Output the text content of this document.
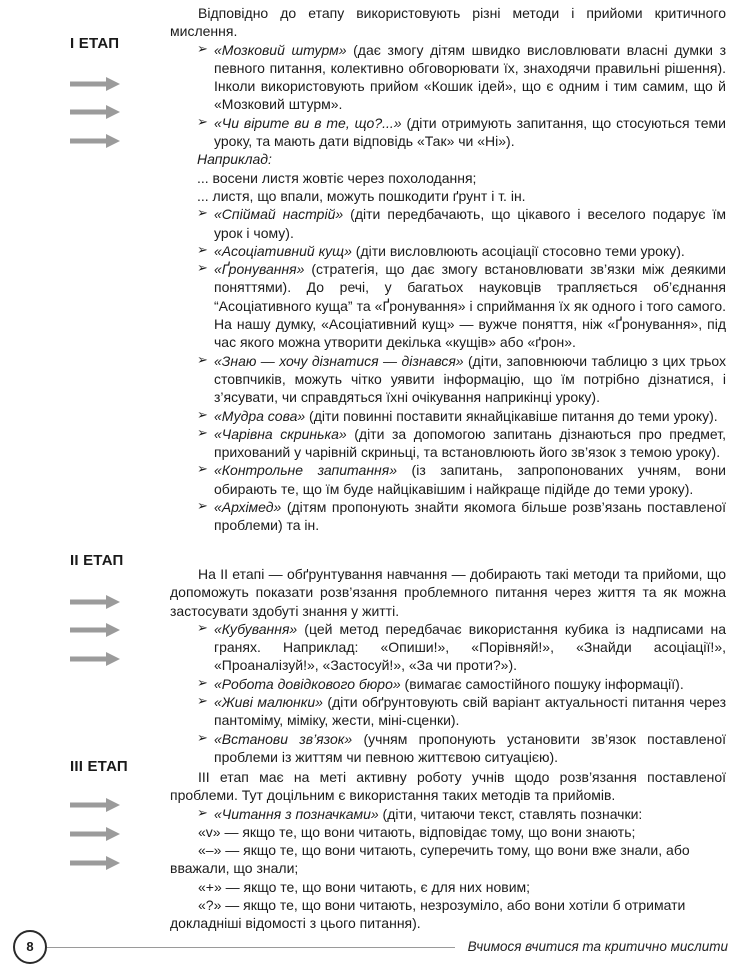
І ЕТАП
ІІ ЕТАП
ІІІ ЕТАП

Відповідно до етапу використовують різні методи і прийоми критичного мислення.

➢ «Мозковий штурм» (дає змогу дітям швидко висловлювати власні думки з певного питання, колективно обговорювати їх, знаходячи правильні рішення). Інколи використовують прийом «Кошик ідей», що є одним і тим самим, що й «Мозковий штурм».
➢ «Чи вірите ви в те, що?...» (діти отримують запитання, що стосуються теми уроку, та мають дати відповідь «Так» чи «Ні»).

Наприклад:

... восени листя жовтіє через похолодання;

... листя, що впали, можуть пошкодити ґрунт і т. ін.

➢ «Спіймай настрій» (діти передбачають, що цікавого і веселого подарує їм урок і чому).
➢ «Асоціативний кущ» (діти висловлюють асоціації стосовно теми уроку).
➢ «Ґронування» (стратегія, що дає змогу встановлювати зв’язки між деякими поняттями). До речі, у багатьох науковців трапляється об’єднання “Асоціативного куща” та «Ґронування» і сприймання їх як одного і того самого. На нашу думку, «Асоціативний кущ» — вужче поняття, ніж «Ґронування», під час якого можна утворити декілька «кущів» або «ґрон».
➢ «Знаю — хочу дізнатися — дізнався» (діти, заповнюючи таблицю з цих трьох стовпчиків, можуть чітко уявити інформацію, що їм потрібно дізнатися, і з’ясувати, чи справдяться їхні очікування наприкінці уроку).
➢ «Мудра сова» (діти повинні поставити якнайцікавіше питання до теми уроку).
➢ «Чарівна скринька» (діти за допомогою запитань дізнаються про предмет, прихований у чарівній скриньці, та встановлюють його зв’язок з темою уроку).
➢ «Контрольне запитання» (із запитань, запропонованих учням, вони обирають те, що їм буде найцікавішим і найкраще підійде до теми уроку).
➢ «Архімед» (дітям пропонують знайти якомога більше розв’язань поставленої проблеми) та ін.

На ІІ етапі — обґрунтування навчання — добирають такі методи та прийоми, що допоможуть показати розв’язання проблемного питання через життя та як можна застосувати здобуті знання у житті.

➢ «Кубування» (цей метод передбачає використання кубика із надписами на гранях. Наприклад: «Опиши!», «Порівняй!», «Знайди асоціації!», «Проаналізуй!», «Застосуй!», «За чи проти?»).
➢ «Робота довідкового бюро» (вимагає самостійного пошуку інформації).
➢ «Живі малюнки» (діти обґрунтовують свій варіант актуальності питання через пантоміму, міміку, жести, міні-сценки).
➢ «Встанови зв’язок» (учням пропонують установити зв’язок поставленої проблеми із життям чи певною життєвою ситуацією).

ІІІ етап має на меті активну роботу учнів щодо розв’язання поставленої проблеми. Тут доцільним є використання таких методів та прийомів.

➢ «Читання з позначками» (діти, читаючи текст, ставлять позначки:

«v» — якщо те, що вони читають, відповідає тому, що вони знають;

«–» — якщо те, що вони читають, суперечить тому, що вони вже знали, або

вважали, що знали;

«+» — якщо те, що вони читають, є для них новим;

«?» — якщо те, що вони читають, незрозуміло, або вони хотіли б отримати

докладніші відомості з цього питання).

8	Вчимося вчитися та критично мислити
